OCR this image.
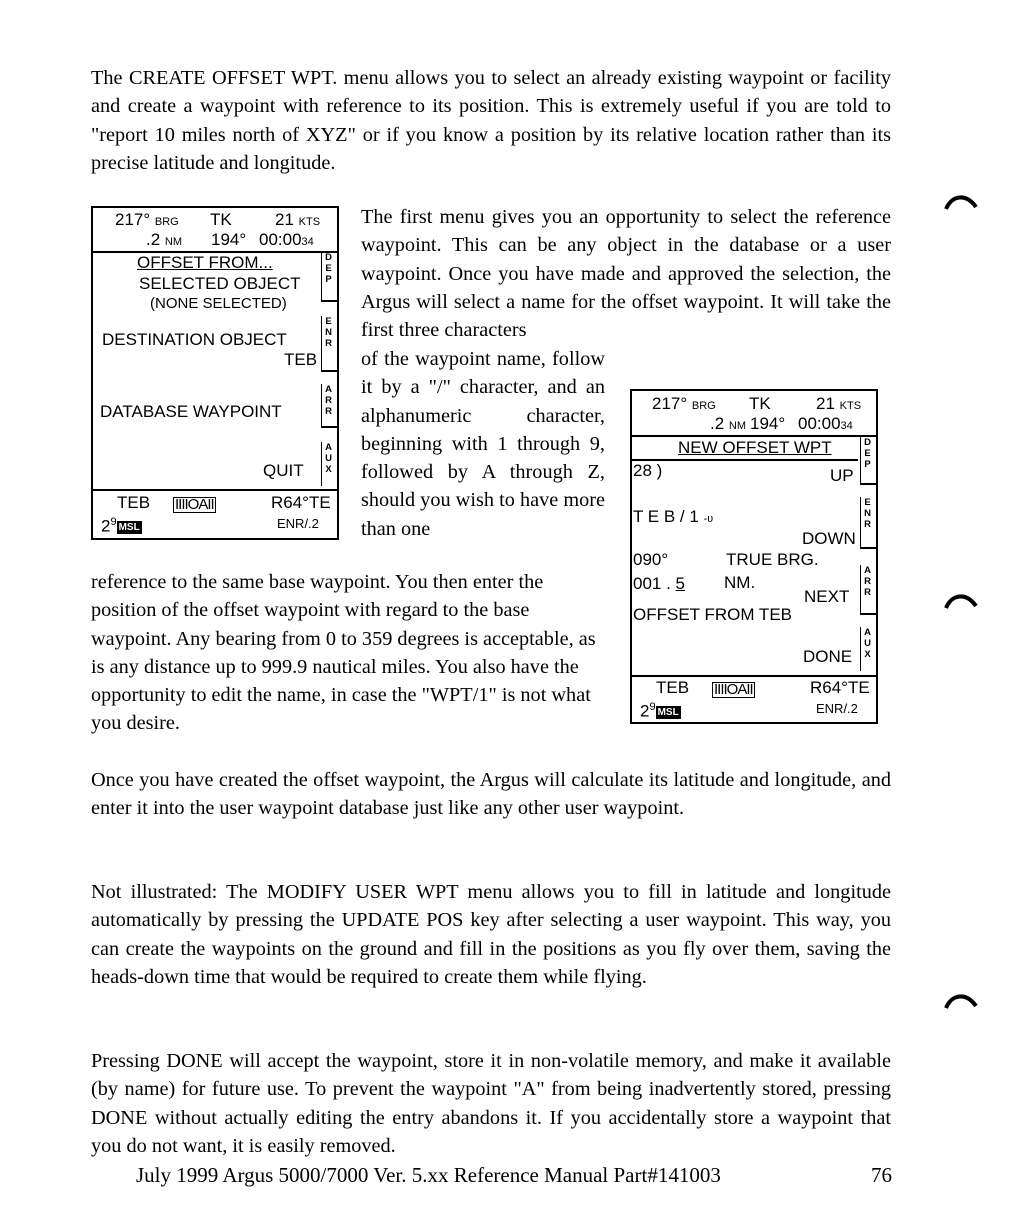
The CREATE OFFSET WPT. menu allows you to select an already existing waypoint or facility and create a waypoint with reference to its position. This is extremely useful if you are told to "report 10 miles north of XYZ" or if you know a position by its relative location rather than its precise latitude and longitude.

217° BRG TK	21 KTS
.2 NM 194° 00:0034
OFFSET FROM...
SELECTED OBJECT
(NONE SELECTED)
DESTINATION OBJECT
TEB
DATABASE WAYPOINT
QUIT
D
E
P
E
N
R
A
R
R
A
U
X
TEB IIIIOAII	R64°TE
$2^9$ MSL	ENR/.2

The first menu gives you an opportunity to select the reference waypoint. This can be any object in the database or a user waypoint. Once you have made and approved the selection, the Argus will select a name for the offset waypoint. It will take the first three characters

of the waypoint name, follow it by a "/" character, and an alphanumeric character, beginning with 1 through 9, followed by A through Z, should you wish to have more than one

reference to the same base waypoint. You then enter the position of the offset waypoint with regard to the base waypoint. Any bearing from 0 to 359 degrees is acceptable, as is any distance up to 999.9 nautical miles. You also have the opportunity to edit the name, in case the "WPT/1" is not what you desire.

217° BRG TK	21 KTS
.2 NM 194° 00:0034
NEW OFFSET WPT
28 )	UP
T E B / 1 -ʋ
DOWN
090°	TRUE BRG.
001 . 5 NM.
NEXT
OFFSET FROM TEB
DONE
D
E
P
E
N
R
A
R
R
A
U
X
TEB IIIIOAII	R64°TE
$2^9$ MSL	ENR/.2

Once you have created the offset waypoint, the Argus will calculate its latitude and longitude, and enter it into the user waypoint database just like any other user waypoint.

Not illustrated: The MODIFY USER WPT menu allows you to fill in latitude and longitude automatically by pressing the UPDATE POS key after selecting a user waypoint. This way, you can create the waypoints on the ground and fill in the positions as you fly over them, saving the heads-down time that would be required to create them while flying.

Pressing DONE will accept the waypoint, store it in non-volatile memory, and make it available (by name) for future use. To prevent the waypoint "A" from being inadvertently stored, pressing DONE without actually editing the entry abandons it. If you accidentally store a waypoint that you do not want, it is easily removed.

July 1999 Argus 5000/7000 Ver. 5.xx Reference Manual Part#141003	76
